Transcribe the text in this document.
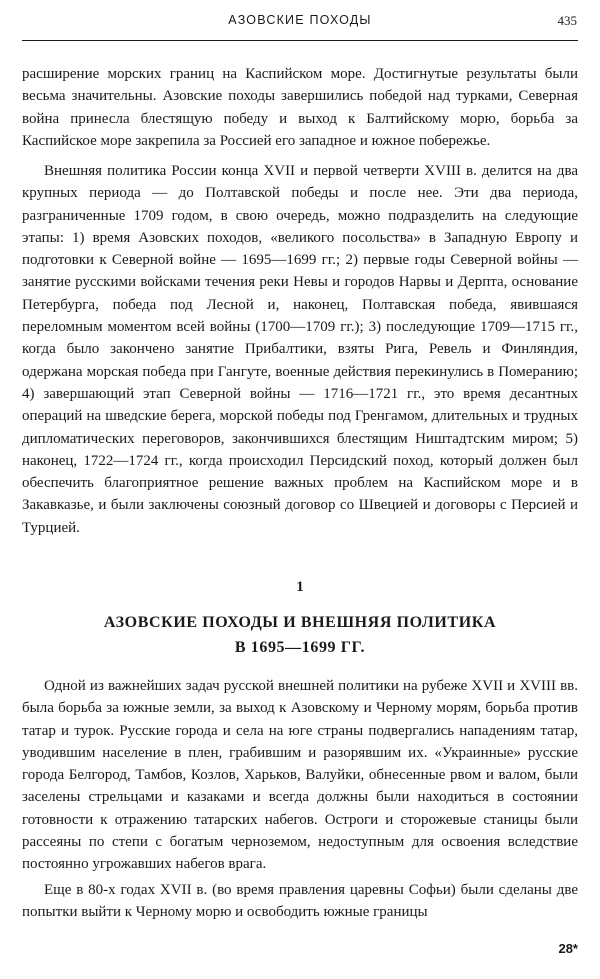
АЗОВСКИЕ ПОХОДЫ	435

расширение морских границ на Каспийском море. Достигнутые результаты были весьма значительны. Азовские походы завершились победой над турками, Северная война принесла блестящую победу и выход к Балтийскому морю, борьба за Каспийское море закрепила за Россией его западное и южное побережье.

Внешняя политика России конца XVII и первой четверти XVIII в. делится на два крупных периода — до Полтавской победы и после нее. Эти два периода, разграниченные 1709 годом, в свою очередь, можно подразделить на следующие этапы: 1) время Азовских походов, «великого посольства» в Западную Европу и подготовки к Северной войне — 1695—1699 гг.; 2) первые годы Северной войны — занятие русскими войсками течения реки Невы и городов Нарвы и Дерпта, основание Петербурга, победа под Лесной и, наконец, Полтавская победа, явившаяся переломным моментом всей войны (1700—1709 гг.); 3) последующие 1709—1715 гг., когда было закончено занятие Прибалтики, взяты Рига, Ревель и Финляндия, одержана морская победа при Гангуте, военные действия перекинулись в Померанию; 4) завершающий этап Северной войны — 1716—1721 гг., это время десантных операций на шведские берега, морской победы под Гренгамом, длительных и трудных дипломатических переговоров, закончившихся блестящим Ништадтским миром; 5) наконец, 1722—1724 гг., когда происходил Персидский поход, который должен был обеспечить благоприятное решение важных проблем на Каспийском море и в Закавказье, и были заключены союзный договор со Швецией и договоры с Персией и Турцией.

1
АЗОВСКИЕ ПОХОДЫ И ВНЕШНЯЯ ПОЛИТИКА
В 1695—1699 ГГ.

Одной из важнейших задач русской внешней политики на рубеже XVII и XVIII вв. была борьба за южные земли, за выход к Азовскому и Черному морям, борьба против татар и турок. Русские города и села на юге страны подвергались нападениям татар, уводившим население в плен, грабившим и разорявшим их. «Украинные» русские города Белгород, Тамбов, Козлов, Харьков, Валуйки, обнесенные рвом и валом, были заселены стрельцами и казаками и всегда должны были находиться в состоянии готовности к отражению татарских набегов. Остроги и сторожевые станицы были рассеяны по степи с богатым черноземом, недоступным для освоения вследствие постоянно угрожавших набегов врага.

Еще в 80-х годах XVII в. (во время правления царевны Софьи) были сделаны две попытки выйти к Черному морю и освободить южные границы

28*
